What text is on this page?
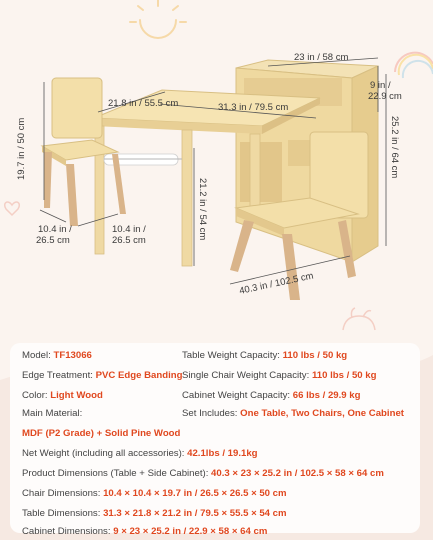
23 in / 58 cm
9 in / 22.9 cm
21.8 in / 55.5 cm	31.3 in / 79.5 cm
19.7 in / 50 cm	25.2 in / 64 cm
21.2 in / 54 cm
10.4 in / 26.5 cm
10.4 in / 26.5 cm
40.3 in / 102.5 cm
Model: TF13066
Edge Treatment: PVC Edge Banding
Color: Light Wood
Main Material:
MDF (P2 Grade) + Solid Pine Wood
Table Weight Capacity: 110 lbs / 50 kg
Single Chair Weight Capacity: 110 lbs / 50 kg
Cabinet Weight Capacity: 66 lbs / 29.9 kg
Set Includes: One Table, Two Chairs, One Cabinet
Net Weight (including all accessories): 42.1lbs / 19.1kg
Product Dimensions (Table + Side Cabinet): 40.3 × 23 × 25.2 in / 102.5 × 58 × 64 cm
Chair Dimensions: 10.4 × 10.4 × 19.7 in / 26.5 × 26.5 × 50 cm
Table Dimensions: 31.3 × 21.8 × 21.2 in / 79.5 × 55.5 × 54 cm
Cabinet Dimensions: 9 × 23 × 25.2 in / 22.9 × 58 × 64 cm
